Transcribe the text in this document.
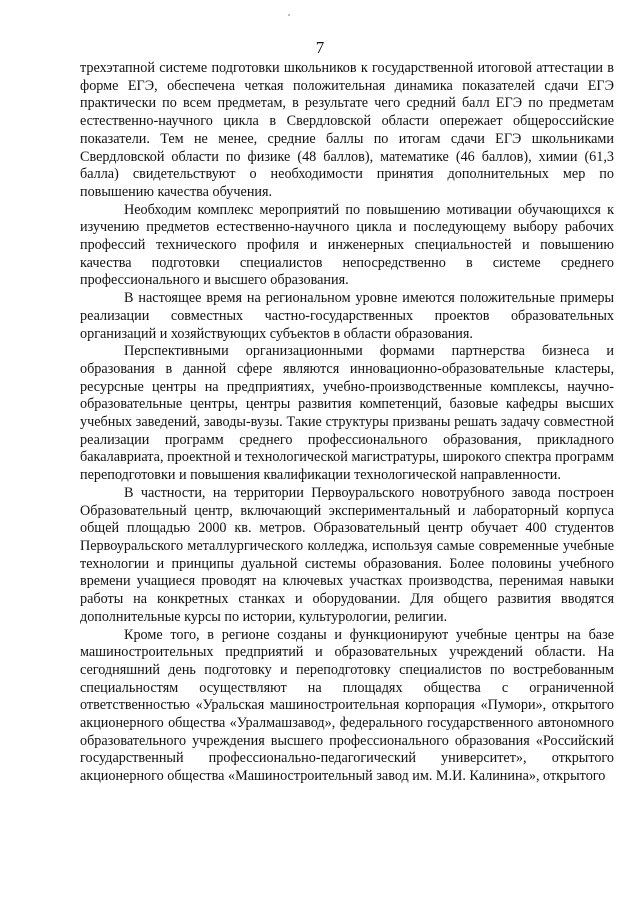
7

трехэтапной системе подготовки школьников к государственной итоговой аттестации в форме ЕГЭ, обеспечена четкая положительная динамика показателей сдачи ЕГЭ практически по всем предметам, в результате чего средний балл ЕГЭ по предметам естественно-научного цикла в Свердловской области опережает общероссийские показатели. Тем не менее, средние баллы по итогам сдачи ЕГЭ школьниками Свердловской области по физике (48 баллов), математике (46 баллов), химии (61,3 балла) свидетельствуют о необходимости принятия дополнительных мер по повышению качества обучения.

Необходим комплекс мероприятий по повышению мотивации обучающихся к изучению предметов естественно-научного цикла и последующему выбору рабочих профессий технического профиля и инженерных специальностей и повышению качества подготовки специалистов непосредственно в системе среднего профессионального и высшего образования.

В настоящее время на региональном уровне имеются положительные примеры реализации совместных частно-государственных проектов образовательных организаций и хозяйствующих субъектов в области образования.

Перспективными организационными формами партнерства бизнеса и образования в данной сфере являются инновационно-образовательные кластеры, ресурсные центры на предприятиях, учебно-производственные комплексы, научно-образовательные центры, центры развития компетенций, базовые кафедры высших учебных заведений, заводы-вузы. Такие структуры призваны решать задачу совместной реализации программ среднего профессионального образования, прикладного бакалавриата, проектной и технологической магистратуры, широкого спектра программ переподготовки и повышения квалификации технологической направленности.

В частности, на территории Первоуральского новотрубного завода построен Образовательный центр, включающий экспериментальный и лабораторный корпуса общей площадью 2000 кв. метров. Образовательный центр обучает 400 студентов Первоуральского металлургического колледжа, используя самые современные учебные технологии и принципы дуальной системы образования. Более половины учебного времени учащиеся проводят на ключевых участках производства, перенимая навыки работы на конкретных станках и оборудовании. Для общего развития вводятся дополнительные курсы по истории, культурологии, религии.

Кроме того, в регионе созданы и функционируют учебные центры на базе машиностроительных предприятий и образовательных учреждений области. На сегодняшний день подготовку и переподготовку специалистов по востребованным специальностям осуществляют на площадях общества с ограниченной ответственностью «Уральская машиностроительная корпорация «Пумори», открытого акционерного общества «Уралмашзавод», федерального государственного автономного образовательного учреждения высшего профессионального образования «Российский государственный профессионально-педагогический университет», открытого акционерного общества «Машиностроительный завод им. М.И. Калинина», открытого
